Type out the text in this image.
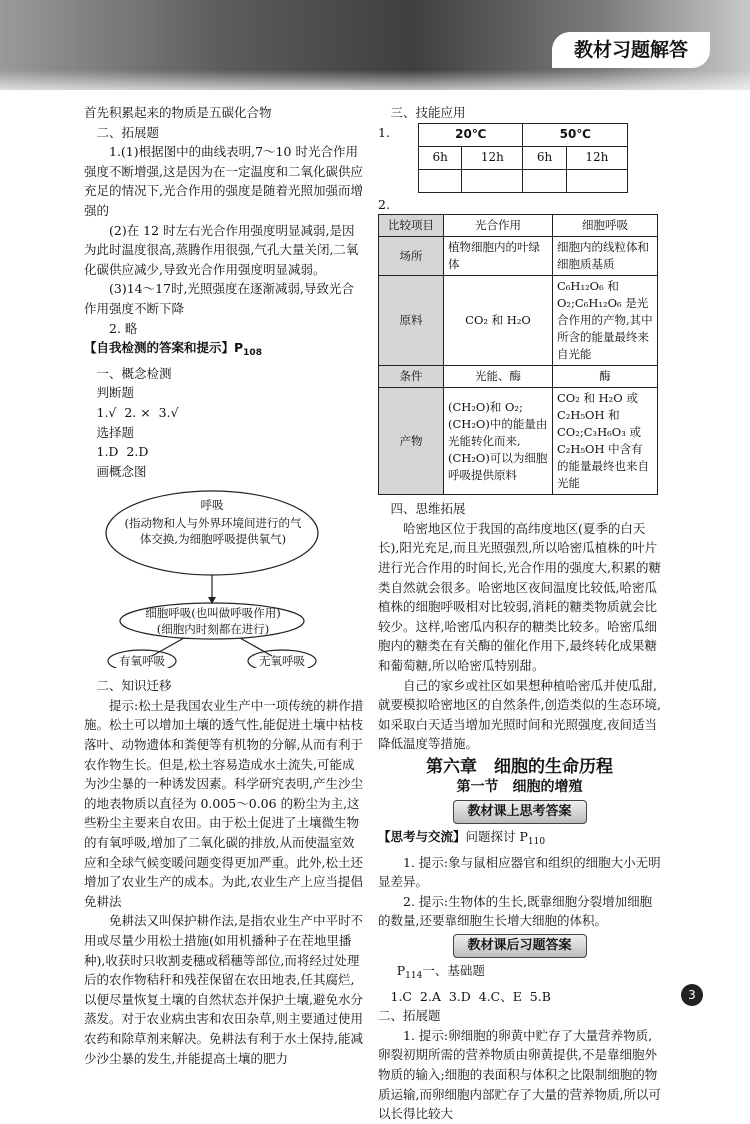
教材习题解答

首先积累起来的物质是五碳化合物

二、拓展题

1.(1)根据图中的曲线表明,7～10 时光合作用强度不断增强,这是因为在一定温度和二氧化碳供应充足的情况下,光合作用的强度是随着光照加强而增强的

(2)在 12 时左右光合作用强度明显减弱,是因为此时温度很高,蒸腾作用很强,气孔大量关闭,二氧化碳供应减少,导致光合作用强度明显减弱。

(3)14～17时,光照强度在逐渐减弱,导致光合作用强度不断下降

2. 略

【自我检测的答案和提示】$P_{108}$

一、概念检测

判断题

1.√  2. ×  3.√

选择题

1.D  2.D

画概念图

呼吸
(指动物和人与外界环境间进行的气体交换,为细胞呼吸提供氧气)
细胞呼吸(也叫做呼吸作用)
(细胞内时刻都在进行)
有氧呼吸	无氧呼吸

二、知识迁移

提示:松土是我国农业生产中一项传统的耕作措施。松土可以增加土壤的透气性,能促进土壤中枯枝落叶、动物遗体和粪便等有机物的分解,从而有利于农作物生长。但是,松土容易造成水土流失,可能成为沙尘暴的一种诱发因素。科学研究表明,产生沙尘的地表物质以直径为 0.005～0.06 的粉尘为主,这些粉尘主要来自农田。由于松土促进了土壤微生物的有氧呼吸,增加了二氧化碳的排放,从而使温室效应和全球气候变暖问题变得更加严重。此外,松土还增加了农业生产的成本。为此,农业生产上应当提倡免耕法

免耕法又叫保护耕作法,是指农业生产中平时不用或尽量少用松土措施(如用机播种子在茬地里播种),收获时只收割麦穗或稻穗等部位,而将经过处理后的农作物秸秆和残茬保留在农田地表,任其腐烂,以便尽量恢复土壤的自然状态并保护土壤,避免水分蒸发。对于农业病虫害和农田杂草,则主要通过使用农药和除草剂来解决。免耕法有利于水土保持,能减少沙尘暴的发生,并能提高土壤的肥力

三、技能应用

1.	20℃		50℃	
6h	12h	6h	12h

2.

比较项目	光合作用	细胞呼吸
场所	植物细胞内的叶绿体	细胞内的线粒体和细胞质基质
原料	CO₂ 和 H₂O	C₆H₁₂O₆ 和 O₂;C₆H₁₂O₆ 是光合作用的产物,其中所含的能量最终来自光能
条件	光能、酶	酶
产物	(CH₂O)和 O₂;(CH₂O)中的能量由光能转化而来,(CH₂O)可以为细胞呼吸提供原料	CO₂ 和 H₂O 或 C₂H₅OH 和 CO₂;C₃H₆O₃ 或 C₂H₅OH 中含有的能量最终也来自光能

四、思维拓展

哈密地区位于我国的高纬度地区(夏季的白天长),阳光充足,而且光照强烈,所以哈密瓜植株的叶片进行光合作用的时间长,光合作用的强度大,积累的糖类自然就会很多。哈密地区夜间温度比较低,哈密瓜植株的细胞呼吸相对比较弱,消耗的糖类物质就会比较少。这样,哈密瓜内积存的糖类比较多。哈密瓜细胞内的糖类在有关酶的催化作用下,最终转化成果糖和葡萄糖,所以哈密瓜特别甜。

自己的家乡或社区如果想种植哈密瓜并使瓜甜,就要模拟哈密地区的自然条件,创造类似的生态环境,如采取白天适当增加光照时间和光照强度,夜间适当降低温度等措施。

第六章　细胞的生命历程
第一节　细胞的增殖
教材课上思考答案

【思考与交流】问题探讨 $P_{110}$

1. 提示:象与鼠相应器官和组织的细胞大小无明显差异。

2. 提示:生物体的生长,既靠细胞分裂增加细胞的数量,还要靠细胞生长增大细胞的体积。

教材课后习题答案

$P_{114}$一、基础题

1.C  2.A  3.D  4.C、E  5.B

二、拓展题

1. 提示:卵细胞的卵黄中贮存了大量营养物质,卵裂初期所需的营养物质由卵黄提供,不是靠细胞外物质的输入;细胞的表面积与体积之比限制细胞的物质运输,而卵细胞内部贮存了大量的营养物质,所以可以长得比较大

3
